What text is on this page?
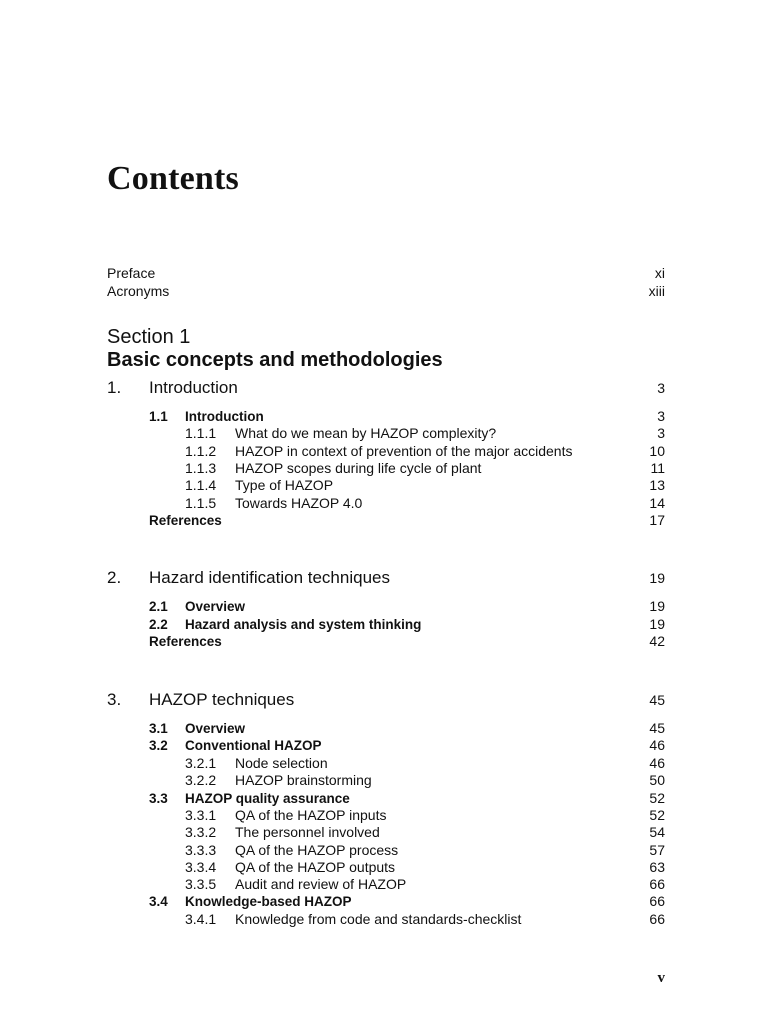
Contents
Preface	xi
Acronyms	xiii
Section 1
Basic concepts and methodologies
1.	Introduction	3
1.1	Introduction	3
1.1.1	What do we mean by HAZOP complexity?	3
1.1.2	HAZOP in context of prevention of the major accidents	10
1.1.3	HAZOP scopes during life cycle of plant	11
1.1.4	Type of HAZOP	13
1.1.5	Towards HAZOP 4.0	14
References	17
2.	Hazard identification techniques	19
2.1	Overview	19
2.2	Hazard analysis and system thinking	19
References	42
3.	HAZOP techniques	45
3.1	Overview	45
3.2	Conventional HAZOP	46
3.2.1	Node selection	46
3.2.2	HAZOP brainstorming	50
3.3	HAZOP quality assurance	52
3.3.1	QA of the HAZOP inputs	52
3.3.2	The personnel involved	54
3.3.3	QA of the HAZOP process	57
3.3.4	QA of the HAZOP outputs	63
3.3.5	Audit and review of HAZOP	66
3.4	Knowledge-based HAZOP	66
3.4.1	Knowledge from code and standards-checklist	66
v
